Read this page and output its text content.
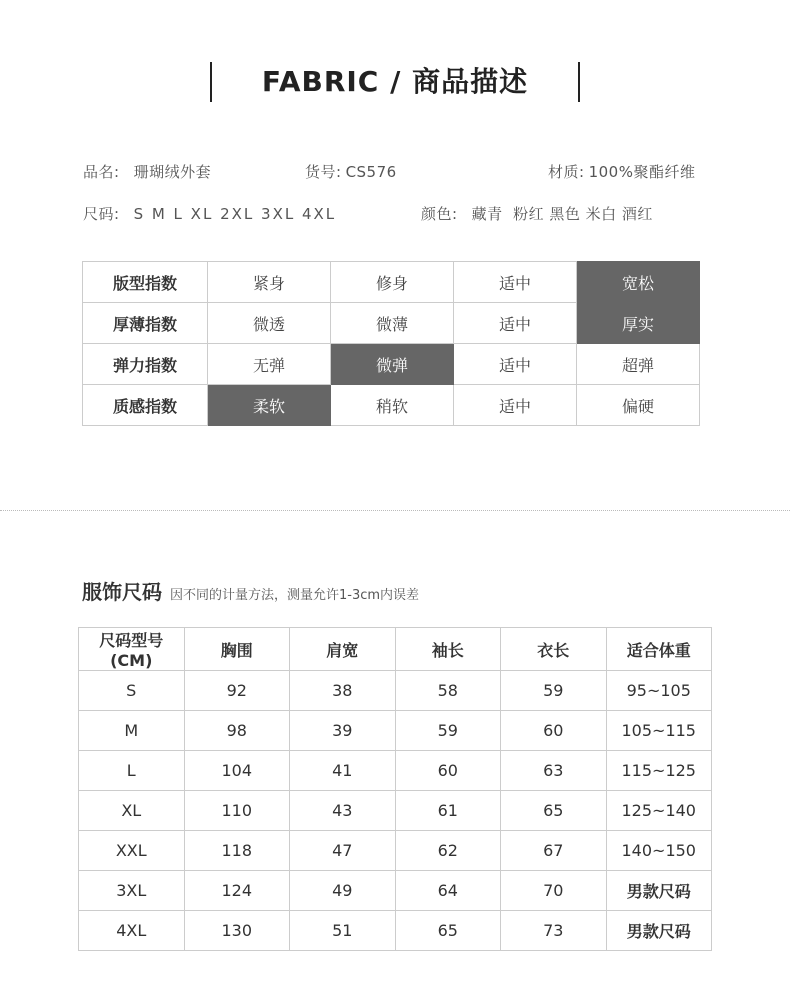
FABRIC / 商品描述
品名: 珊瑚绒外套	货号: CS576	材质: 100%聚酯纤维
尺码: S M L XL 2XL 3XL 4XL	颜色: 藏青  粉红 黑色 米白 酒红
版型指数	紧身	修身	适中	宽松
厚薄指数	微透	微薄	适中	厚实
弹力指数	无弹	微弹	适中	超弹
质感指数	柔软	稍软	适中	偏硬
服饰尺码 因不同的计量方法，测量允许1-3cm内误差
尺码型号(CM)	胸围	肩宽	袖长	衣长	适合体重
S	92	38	58	59	95~105
M	98	39	59	60	105~115
L	104	41	60	63	115~125
XL	110	43	61	65	125~140
XXL	118	47	62	67	140~150
3XL	124	49	64	70	男款尺码
4XL	130	51	65	73	男款尺码
